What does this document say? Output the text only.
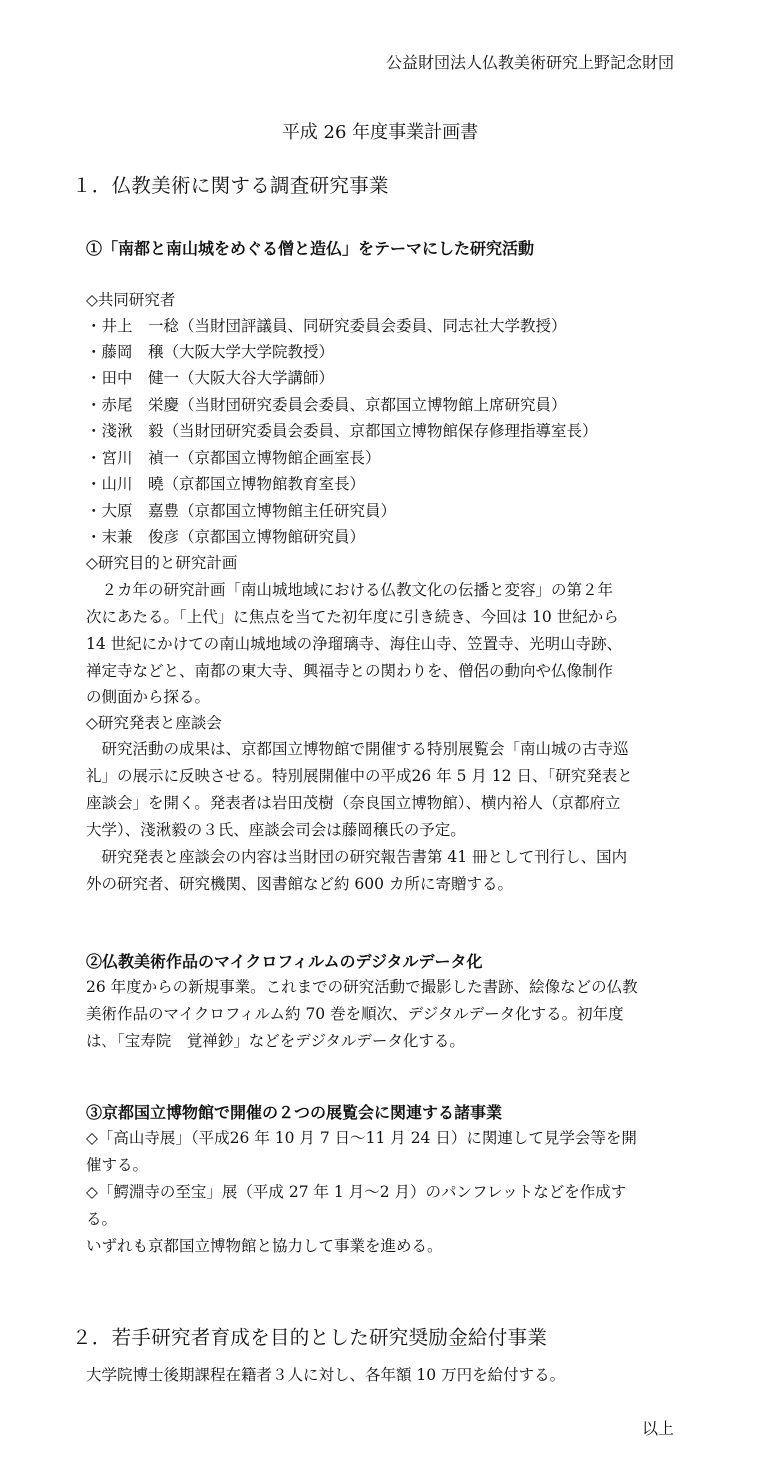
公益財団法人仏教美術研究上野記念財団
平成 26 年度事業計画書
１．仏教美術に関する調査研究事業
①「南都と南山城をめぐる僧と造仏」をテーマにした研究活動
◇共同研究者
・井上　一稔（当財団評議員、同研究委員会委員、同志社大学教授）
・藤岡　穣（大阪大学大学院教授）
・田中　健一（大阪大谷大学講師）
・赤尾　栄慶（当財団研究委員会委員、京都国立博物館上席研究員）
・淺湫　毅（当財団研究委員会委員、京都国立博物館保存修理指導室長）
・宮川　禎一（京都国立博物館企画室長）
・山川　曉（京都国立博物館教育室長）
・大原　嘉豊（京都国立博物館主任研究員）
・末兼　俊彦（京都国立博物館研究員）
◇研究目的と研究計画
　２カ年の研究計画「南山城地域における仏教文化の伝播と変容」の第２年
次にあたる。「上代」に焦点を当てた初年度に引き続き、今回は 10 世紀から
14 世紀にかけての南山城地域の浄瑠璃寺、海住山寺、笠置寺、光明山寺跡、
禅定寺などと、南都の東大寺、興福寺との関わりを、僧侶の動向や仏像制作
の側面から探る。
◇研究発表と座談会
　研究活動の成果は、京都国立博物館で開催する特別展覧会「南山城の古寺巡
礼」の展示に反映させる。特別展開催中の平成26 年 5 月 12 日、「研究発表と
座談会」を開く。発表者は岩田茂樹（奈良国立博物館）、横内裕人（京都府立
大学）、淺湫毅の３氏、座談会司会は藤岡穣氏の予定。
　研究発表と座談会の内容は当財団の研究報告書第 41 冊として刊行し、国内
外の研究者、研究機関、図書館など約 600 カ所に寄贈する。
②仏教美術作品のマイクロフィルムのデジタルデータ化
26 年度からの新規事業。これまでの研究活動で撮影した書跡、絵像などの仏教
美術作品のマイクロフィルム約 70 巻を順次、デジタルデータ化する。初年度
は､「宝寿院　覚禅鈔」などをデジタルデータ化する。
③京都国立博物館で開催の２つの展覧会に関連する諸事業
◇「高山寺展」（平成26 年 10 月 7 日～11 月 24 日）に関連して見学会等を開
催する。
◇「鰐淵寺の至宝」展（平成 27 年 1 月～2 月）のパンフレットなどを作成す
る。
いずれも京都国立博物館と協力して事業を進める。
２．若手研究者育成を目的とした研究奨励金給付事業
大学院博士後期課程在籍者３人に対し、各年額 10 万円を給付する。
以上
